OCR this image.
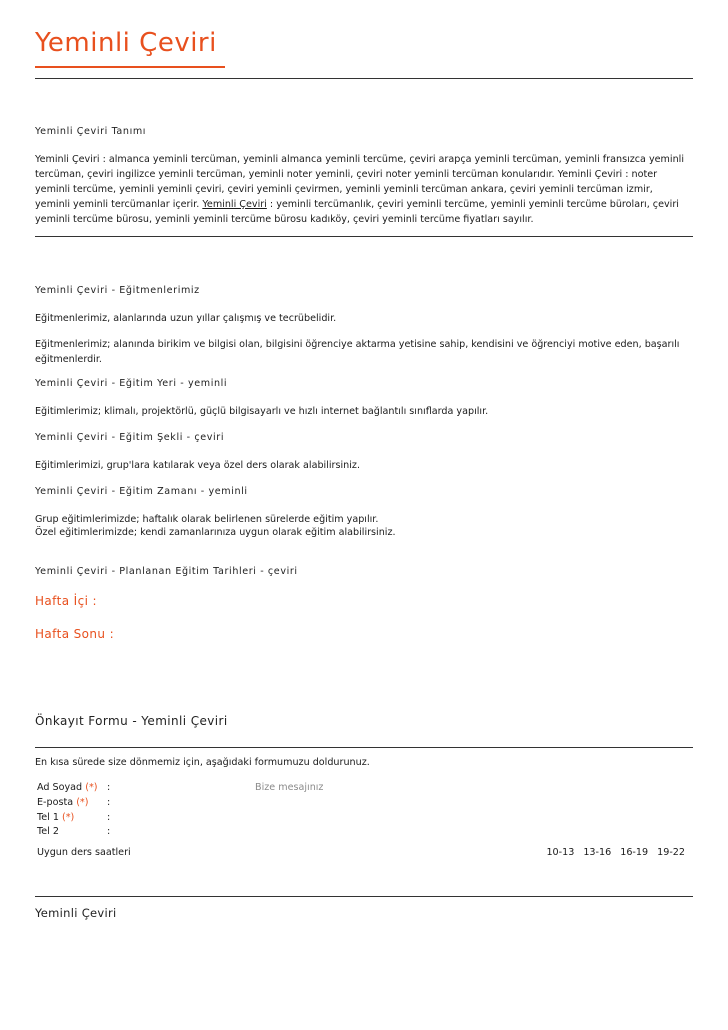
Yeminli Çeviri
Yeminli Çeviri Tanımı

Yeminli Çeviri : almanca yeminli tercüman, yeminli almanca yeminli tercüme, çeviri arapça yeminli tercüman, yeminli fransızca yeminli tercüman, çeviri ingilizce yeminli tercüman, yeminli noter yeminli, çeviri noter yeminli tercüman konularıdır. Yeminli Çeviri : noter yeminli tercüme, yeminli yeminli çeviri, çeviri yeminli çevirmen, yeminli yeminli tercüman ankara, çeviri yeminli tercüman izmir, yeminli yeminli tercümanlar içerir. Yeminli Çeviri : yeminli tercümanlık, çeviri yeminli tercüme, yeminli yeminli tercüme büroları, çeviri yeminli tercüme bürosu, yeminli yeminli tercüme bürosu kadıköy, çeviri yeminli tercüme fiyatları sayılır.

Yeminli Çeviri - Eğitmenlerimiz

Eğitmenlerimiz, alanlarında uzun yıllar çalışmış ve tecrübelidir.

Eğitmenlerimiz; alanında birikim ve bilgisi olan, bilgisini öğrenciye aktarma yetisine sahip, kendisini ve öğrenciyi motive eden, başarılı eğitmenlerdir.

Yeminli Çeviri - Eğitim Yeri - yeminli

Eğitimlerimiz; klimalı, projektörlü, güçlü bilgisayarlı ve hızlı internet bağlantılı sınıflarda yapılır.

Yeminli Çeviri - Eğitim Şekli - çeviri

Eğitimlerimizi, grup'lara katılarak veya özel ders olarak alabilirsiniz.

Yeminli Çeviri - Eğitim Zamanı - yeminli

Grup eğitimlerimizde; haftalık olarak belirlenen sürelerde eğitim yapılır.

Özel eğitimlerimizde; kendi zamanlarınıza uygun olarak eğitim alabilirsiniz.

Yeminli Çeviri - Planlanan Eğitim Tarihleri - çeviri
Hafta İçi :
Hafta Sonu :
Önkayıt Formu - Yeminli Çeviri

En kısa sürede size dönmemiz için, aşağıdaki formumuzu doldurunuz.

Ad Soyad (*) :
E-posta (*)	:
Tel 1 (*)	:
Tel 2	:
Bize mesajınız
Uygun ders saatleri	10-13 13-16 16-19 19-22
Yeminli Çeviri
